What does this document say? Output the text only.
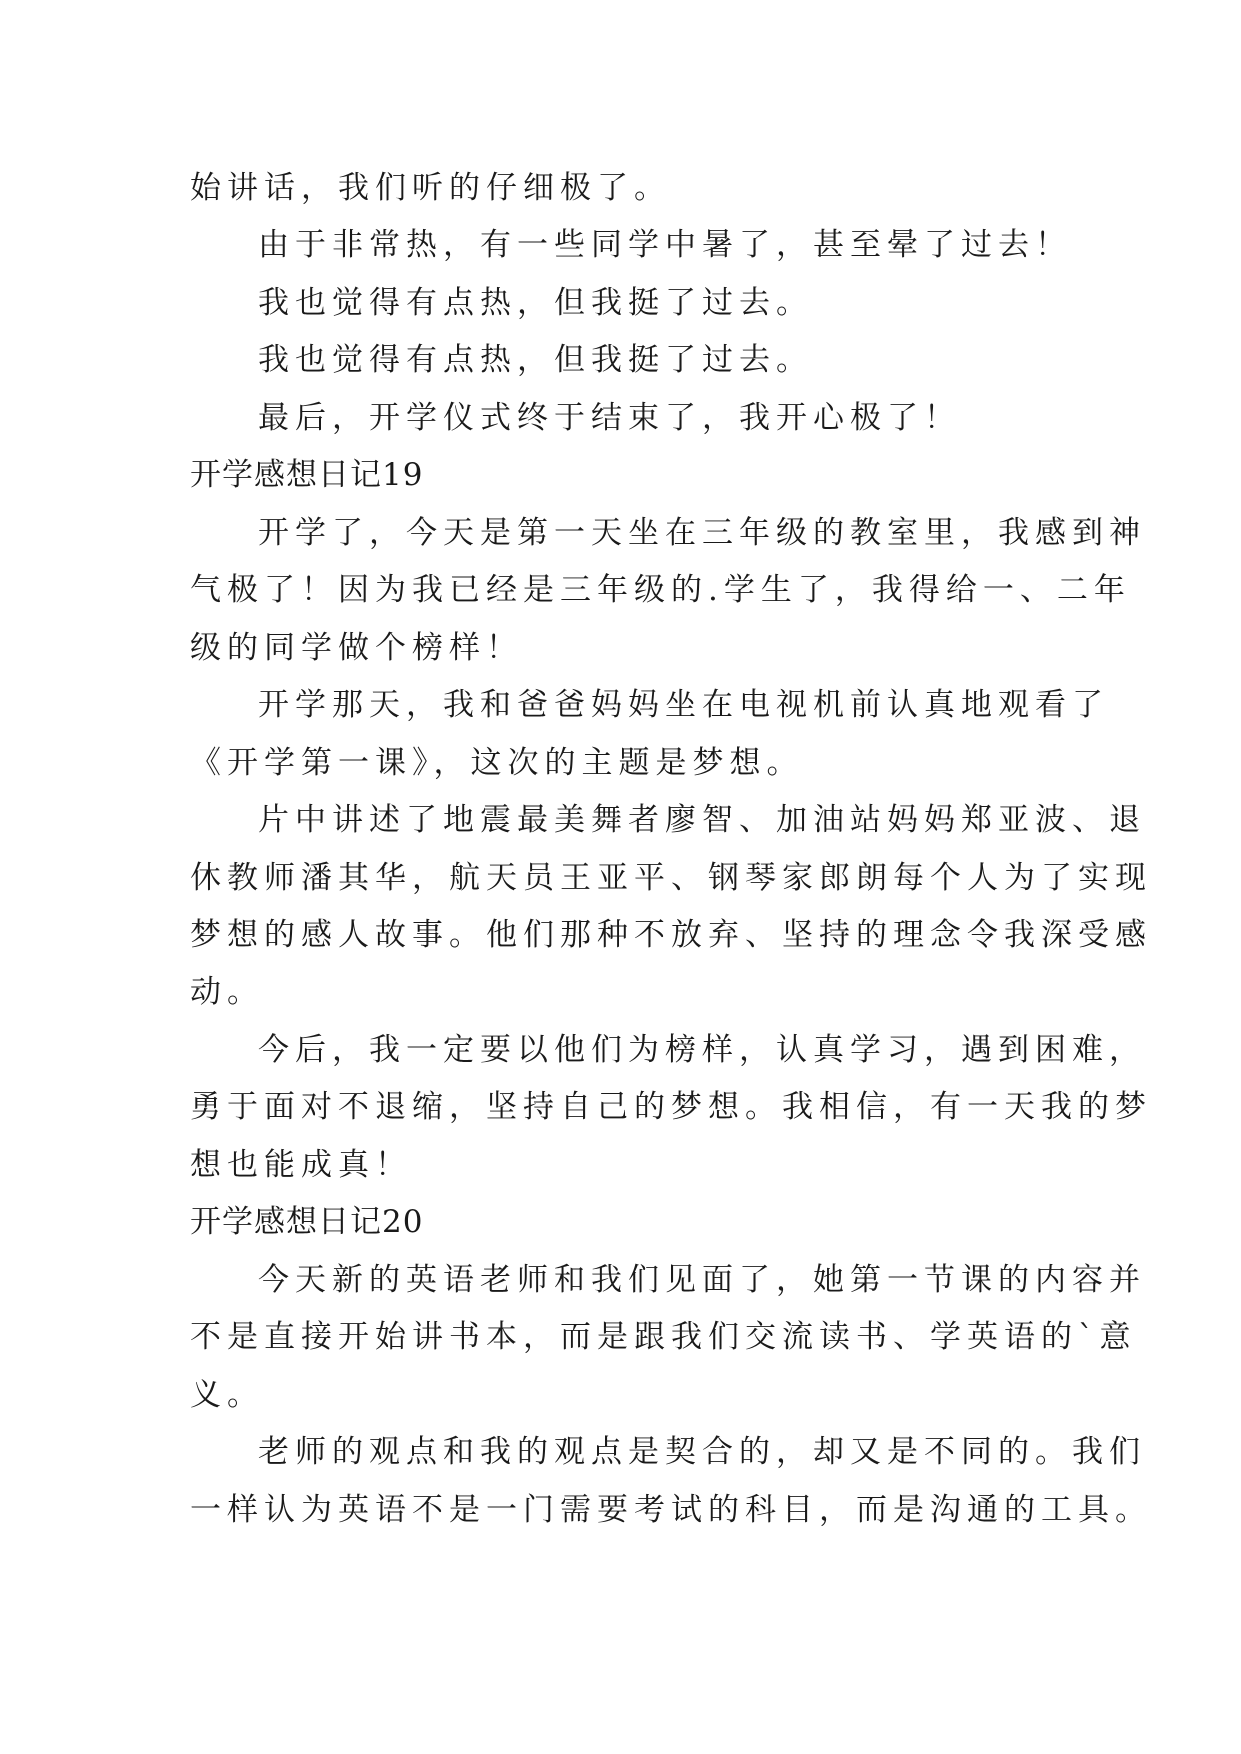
始讲话，我们听的仔细极了。
由于非常热，有一些同学中暑了，甚至晕了过去！
我也觉得有点热，但我挺了过去。
我也觉得有点热，但我挺了过去。
最后，开学仪式终于结束了，我开心极了！
开学感想日记19
开学了，今天是第一天坐在三年级的教室里，我感到神
气极了！因为我已经是三年级的.学生了，我得给一、二年
级的同学做个榜样！
开学那天，我和爸爸妈妈坐在电视机前认真地观看了
《开学第一课》，这次的主题是梦想。
片中讲述了地震最美舞者廖智、加油站妈妈郑亚波、退
休教师潘其华，航天员王亚平、钢琴家郎朗每个人为了实现
梦想的感人故事。他们那种不放弃、坚持的理念令我深受感
动。
今后，我一定要以他们为榜样，认真学习，遇到困难，
勇于面对不退缩，坚持自己的梦想。我相信，有一天我的梦
想也能成真！
开学感想日记20
今天新的英语老师和我们见面了，她第一节课的内容并
不是直接开始讲书本，而是跟我们交流读书、学英语的`意
义。
老师的观点和我的观点是契合的，却又是不同的。我们
一样认为英语不是一门需要考试的科目，而是沟通的工具。
